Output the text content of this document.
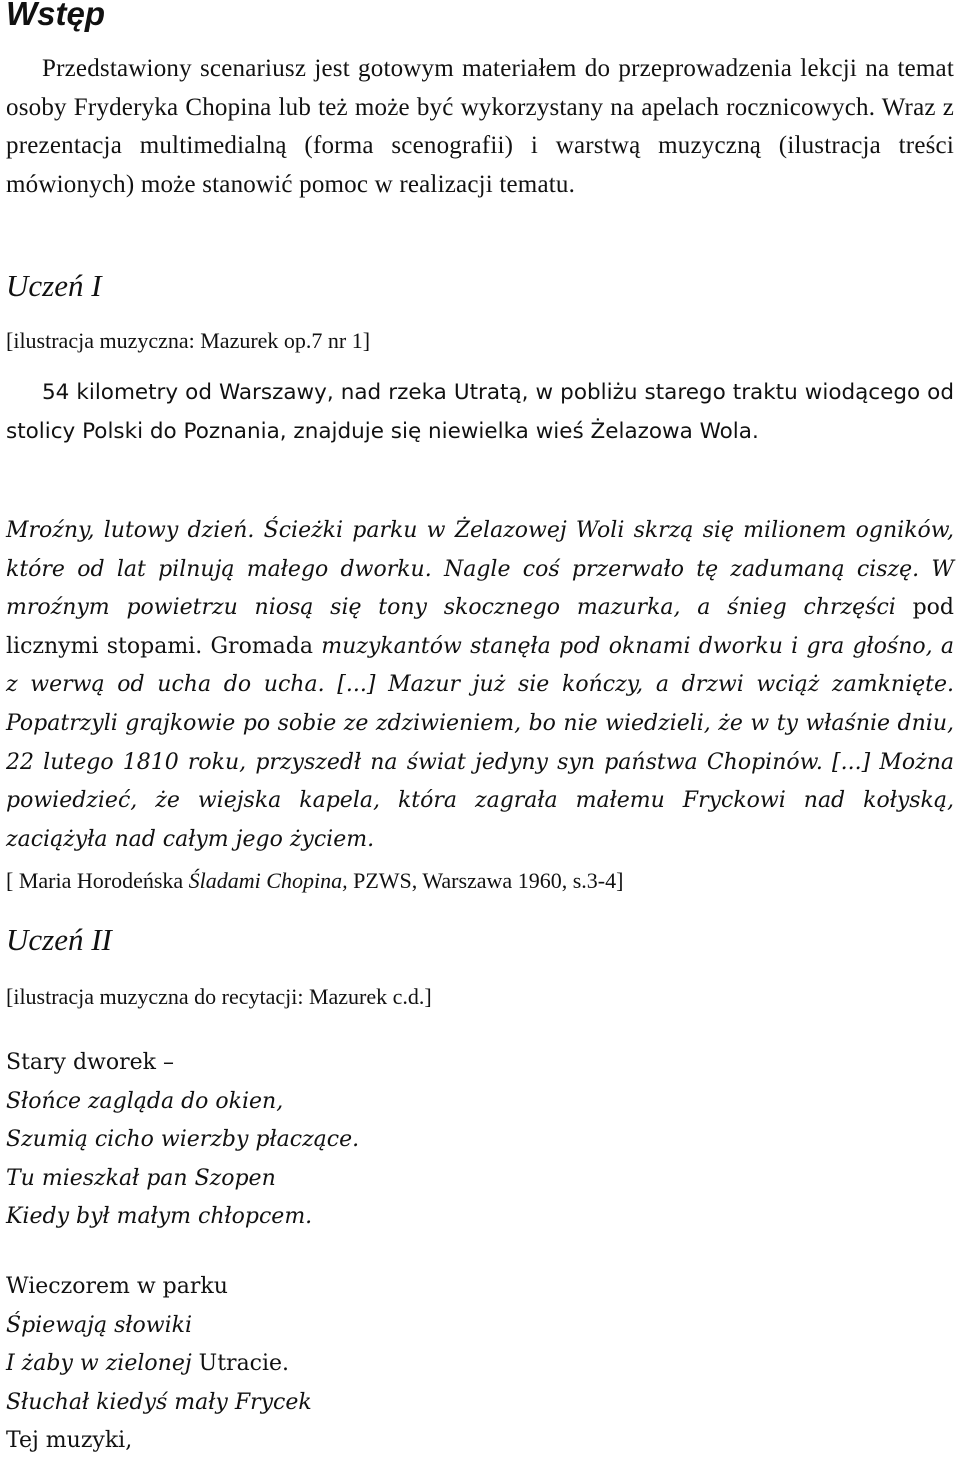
Wstęp

Przedstawiony scenariusz jest gotowym materiałem do przeprowadzenia lekcji na temat osoby Fryderyka Chopina lub też może być wykorzystany na apelach rocznicowych. Wraz z prezentacja multimedialną (forma scenografii) i warstwą muzyczną (ilustracja treści mówionych) może stanowić pomoc w realizacji tematu.

Uczeń I

[ilustracja muzyczna: Mazurek op.7 nr 1]

54 kilometry od Warszawy, nad rzeka Utratą, w pobliżu starego traktu wiodącego od stolicy Polski do Poznania, znajduje się niewielka wieś Żelazowa Wola.

Mroźny, lutowy dzień. Ścieżki parku w Żelazowej Woli skrzą się milionem ogników, które od lat pilnują małego dworku. Nagle coś przerwało tę zadumaną ciszę. W mroźnym powietrzu niosą się tony skocznego mazurka, a śnieg chrzęści pod licznymi stopami. Gromada muzykantów stanęła pod oknami dworku i gra głośno, a z werwą od ucha do ucha. [...] Mazur już sie kończy, a drzwi wciąż zamknięte. Popatrzyli grajkowie po sobie ze zdziwieniem, bo nie wiedzieli, że w ty właśnie dniu, 22 lutego 1810 roku, przyszedł na świat jedyny syn państwa Chopinów. [...] Można powiedzieć, że wiejska kapela, która zagrała małemu Fryckowi nad kołyską, zaciążyła nad całym jego życiem.

[ Maria Horodeńska Śladami Chopina, PZWS, Warszawa 1960, s.3-4]

Uczeń II

[ilustracja muzyczna do recytacji: Mazurek c.d.]

Stary dworek –
Słońce zagląda do okien,
Szumią cicho wierzby płaczące.
Tu mieszkał pan Szopen
Kiedy był małym chłopcem.
Wieczorem w parku
Śpiewają słowiki
I żaby w zielonej Utracie.
Słuchał kiedyś mały Frycek
Tej muzyki,
